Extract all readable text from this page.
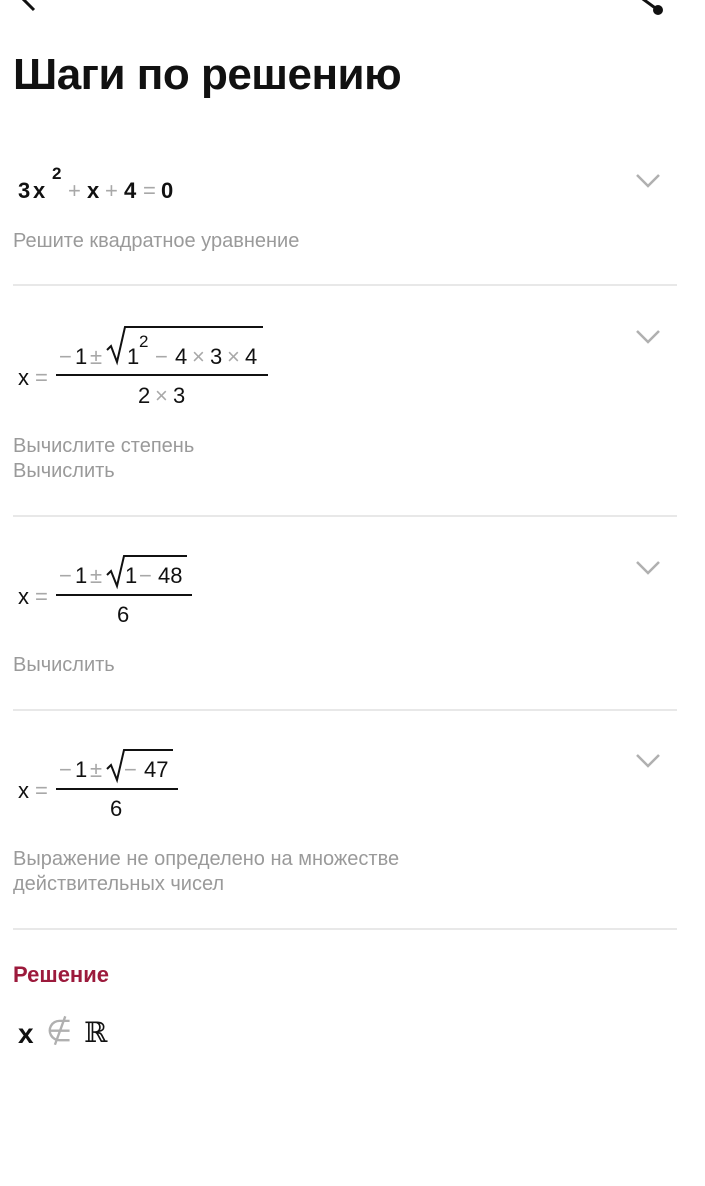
Шаги по решению
3 x
2
+ x + 4 = 0
Решите квадратное уравнение
x =
− 1 ± 1
2
− 4 × 3 × 4
2 × 3
Вычислите степень
Вычислить
x =
− 1 ± 1 − 48
6
Вычислить
x =
− 1 ± − 47
6
Выражение не определено на множестве
действительных чисел
Решение
x ∉ ℝ
